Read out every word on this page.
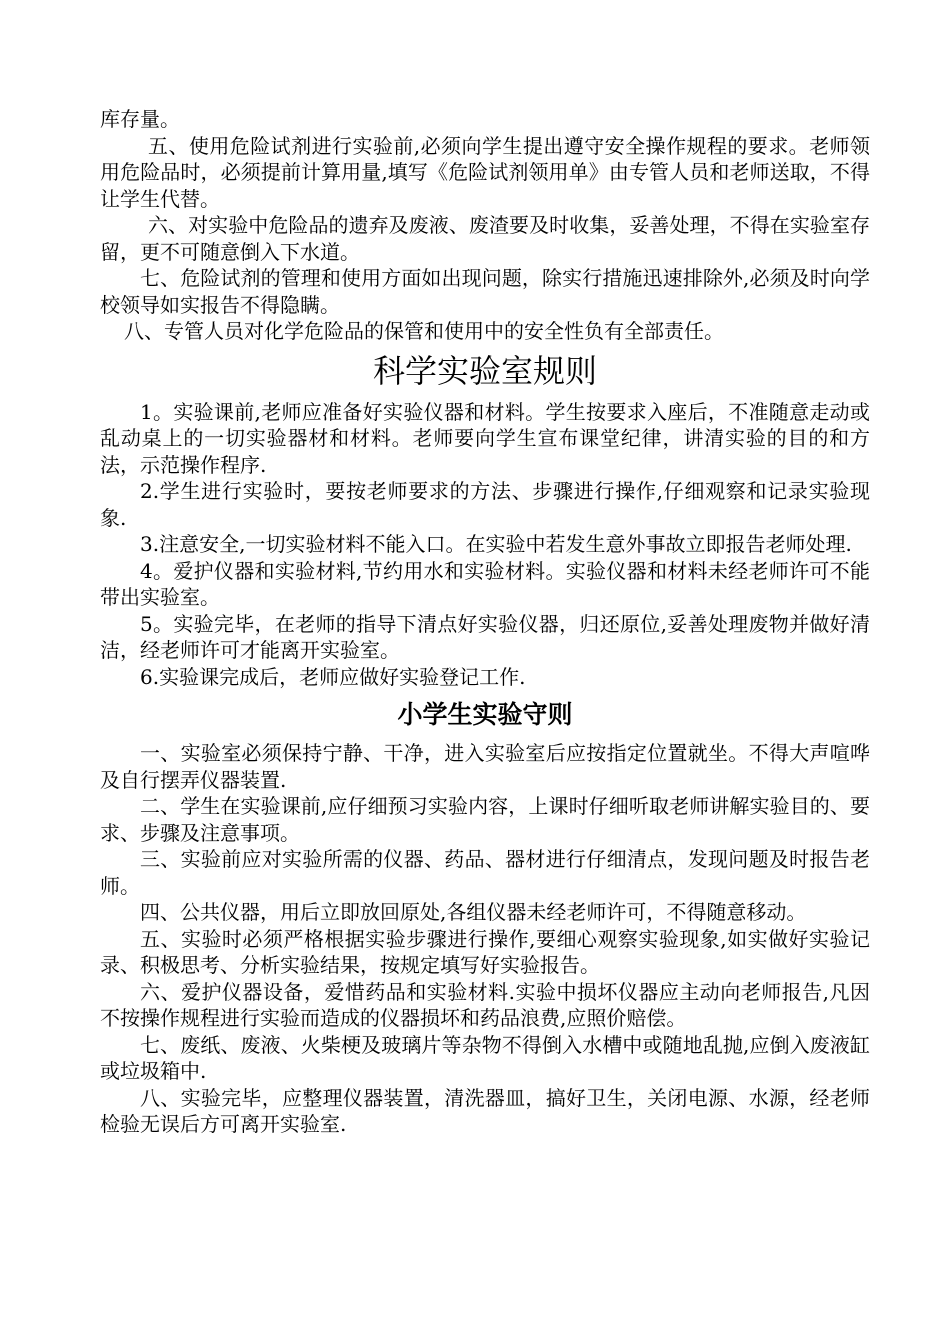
库存量。

五、使用危险试剂进行实验前,必须向学生提出遵守安全操作规程的要求。老师领用危险品时，必须提前计算用量,填写《危险试剂领用单》由专管人员和老师送取，不得让学生代替。

六、对实验中危险品的遗弃及废液、废渣要及时收集，妥善处理，不得在实验室存留，更不可随意倒入下水道。

七、危险试剂的管理和使用方面如出现问题，除实行措施迅速排除外,必须及时向学校领导如实报告不得隐瞒。

八、专管人员对化学危险品的保管和使用中的安全性负有全部责任。

科学实验室规则

1。实验课前,老师应准备好实验仪器和材料。学生按要求入座后，不准随意走动或乱动桌上的一切实验器材和材料。老师要向学生宣布课堂纪律，讲清实验的目的和方法，示范操作程序.

2.学生进行实验时，要按老师要求的方法、步骤进行操作,仔细观察和记录实验现象.

3.注意安全,一切实验材料不能入口。在实验中若发生意外事故立即报告老师处理.

4。爱护仪器和实验材料,节约用水和实验材料。实验仪器和材料未经老师许可不能带出实验室。

5。实验完毕，在老师的指导下清点好实验仪器，归还原位,妥善处理废物并做好清洁，经老师许可才能离开实验室。

6.实验课完成后，老师应做好实验登记工作.

小学生实验守则

一、实验室必须保持宁静、干净，进入实验室后应按指定位置就坐。不得大声喧哗及自行摆弄仪器装置.

二、学生在实验课前,应仔细预习实验内容，上课时仔细听取老师讲解实验目的、要求、步骤及注意事项。

三、实验前应对实验所需的仪器、药品、器材进行仔细清点，发现问题及时报告老师。

四、公共仪器，用后立即放回原处,各组仪器未经老师许可，不得随意移动。

五、实验时必须严格根据实验步骤进行操作,要细心观察实验现象,如实做好实验记录、积极思考、分析实验结果，按规定填写好实验报告。

六、爱护仪器设备，爱惜药品和实验材料.实验中损坏仪器应主动向老师报告,凡因不按操作规程进行实验而造成的仪器损坏和药品浪费,应照价赔偿。

七、废纸、废液、火柴梗及玻璃片等杂物不得倒入水槽中或随地乱抛,应倒入废液缸或垃圾箱中.

八、实验完毕，应整理仪器装置，清洗器皿，搞好卫生，关闭电源、水源，经老师检验无误后方可离开实验室.
